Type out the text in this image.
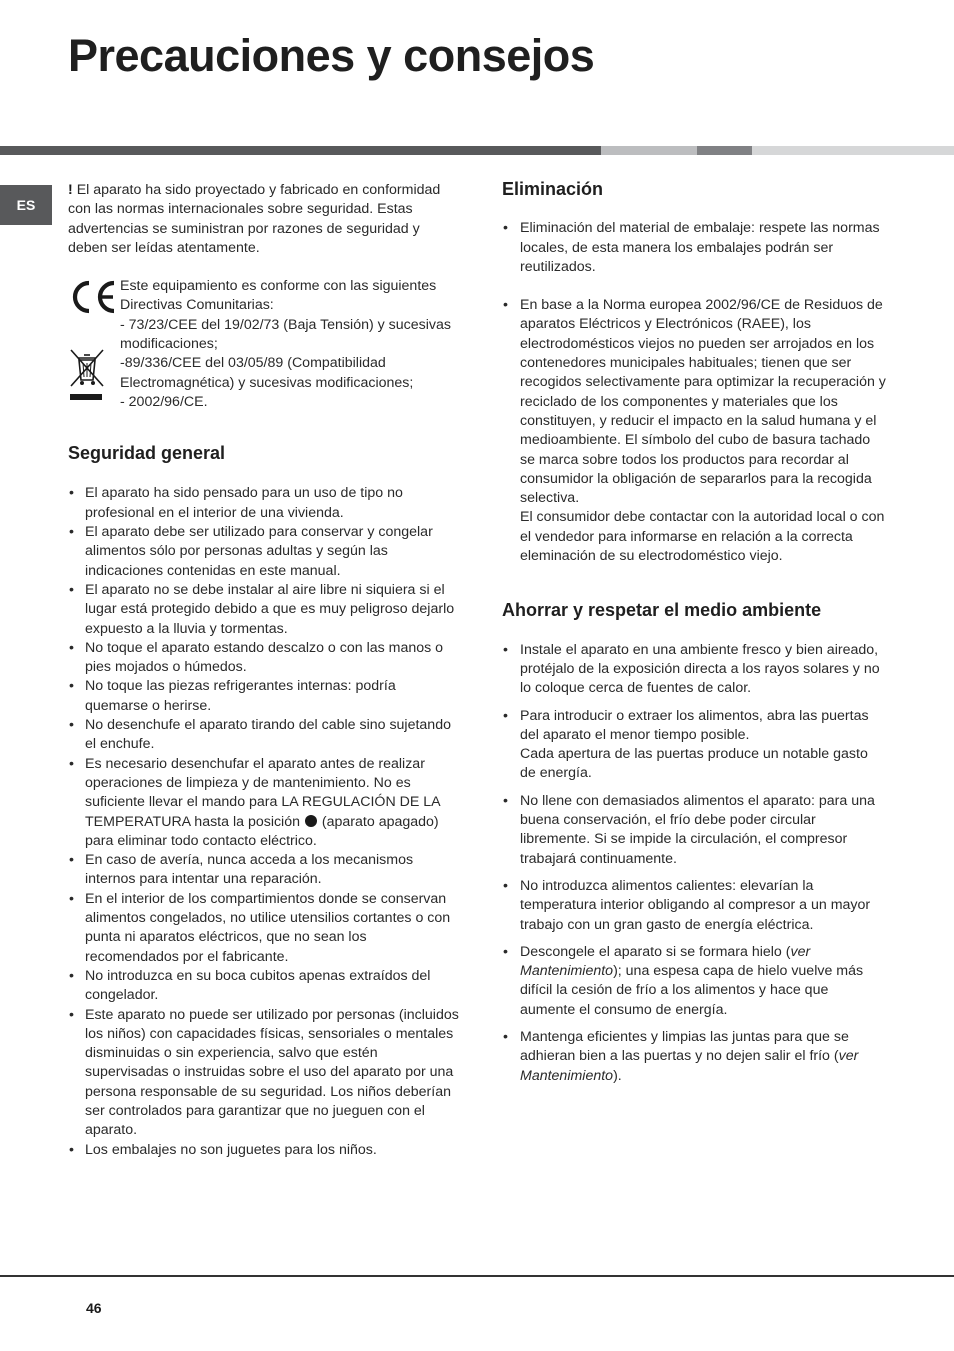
Precauciones y consejos
ES

! El aparato ha sido proyectado y fabricado en conformidad con las normas internacionales sobre seguridad. Estas advertencias se suministran por razones de seguridad y deben ser leídas atentamente.

Este equipamiento es conforme con las siguientes Directivas Comunitarias:

- 73/23/CEE del 19/02/73 (Baja Tensión) y sucesivas modificaciones;

-89/336/CEE del 03/05/89 (Compatibilidad Electromagnética) y sucesivas modificaciones;

- 2002/96/CE.

Seguridad general
• El aparato ha sido pensado para un uso de tipo no profesional en el interior de una vivienda.
• El aparato debe ser utilizado para conservar y congelar alimentos sólo por personas adultas y según las indicaciones contenidas en este manual.
• El aparato no se debe instalar al aire libre ni siquiera si el lugar está protegido debido a que es muy peligroso dejarlo expuesto a la lluvia y tormentas.
• No toque el aparato estando descalzo o con las manos o pies mojados o húmedos.
• No toque las piezas refrigerantes internas: podría quemarse o herirse.
• No desenchufe el aparato tirando del cable sino sujetando el enchufe.
• Es necesario desenchufar el aparato antes de realizar operaciones de limpieza y de mantenimiento. No es suficiente llevar el mando para LA REGULACIÓN DE LA TEMPERATURA hasta la posición (aparato apagado) para eliminar todo contacto eléctrico.
• En caso de avería, nunca acceda a los mecanismos internos para intentar una reparación.
• En el interior de los compartimientos donde se conservan alimentos congelados, no utilice utensilios cortantes o con punta ni aparatos eléctricos, que no sean los recomendados por el fabricante.
• No introduzca en su boca cubitos apenas extraídos del congelador.
• Este aparato no puede ser utilizado por personas (incluidos los niños) con capacidades físicas, sensoriales o mentales disminuidas o sin experiencia, salvo que estén supervisadas o instruidas sobre el uso del aparato por una persona responsable de su seguridad. Los niños deberían ser controlados para garantizar que no jueguen con el aparato.
• Los embalajes no son juguetes para los niños.
Eliminación
• Eliminación del material de embalaje: respete las normas locales, de esta manera los embalajes podrán ser reutilizados.
• En base a la Norma europea 2002/96/CE de Residuos de aparatos Eléctricos y Electrónicos (RAEE), los electrodomésticos viejos no pueden ser arrojados en los contenedores municipales habituales; tienen que ser recogidos selectivamente para optimizar la recuperación y reciclado de los componentes y materiales que los constituyen, y reducir el impacto en la salud humana y el medioambiente. El símbolo del cubo de basura tachado se marca sobre todos los productos para recordar al consumidor la obligación de separarlos para la recogida selectiva.
El consumidor debe contactar con la autoridad local o con el vendedor para informarse en relación a la correcta eleminación de su electrodoméstico viejo.
Ahorrar y respetar el medio ambiente
• Instale el aparato en una ambiente fresco y bien aireado, protéjalo de la exposición directa a los rayos solares y no lo coloque cerca de fuentes de calor.
• Para introducir o extraer los alimentos, abra las puertas del aparato el menor tiempo posible.
Cada apertura de las puertas produce un notable gasto de energía.
• No llene con demasiados alimentos el aparato: para una buena conservación, el frío debe poder circular libremente. Si se impide la circulación, el compresor trabajará continuamente.
• No introduzca alimentos calientes: elevarían la temperatura interior obligando al compresor a un mayor trabajo con un gran gasto de energía eléctrica.
• Descongele el aparato si se formara hielo (ver Mantenimiento); una espesa capa de hielo vuelve más difícil la cesión de frío a los alimentos y hace que aumente el consumo de energía.
• Mantenga eficientes y limpias las juntas para que se adhieran bien a las puertas y no dejen salir el frío (ver Mantenimiento).
46
